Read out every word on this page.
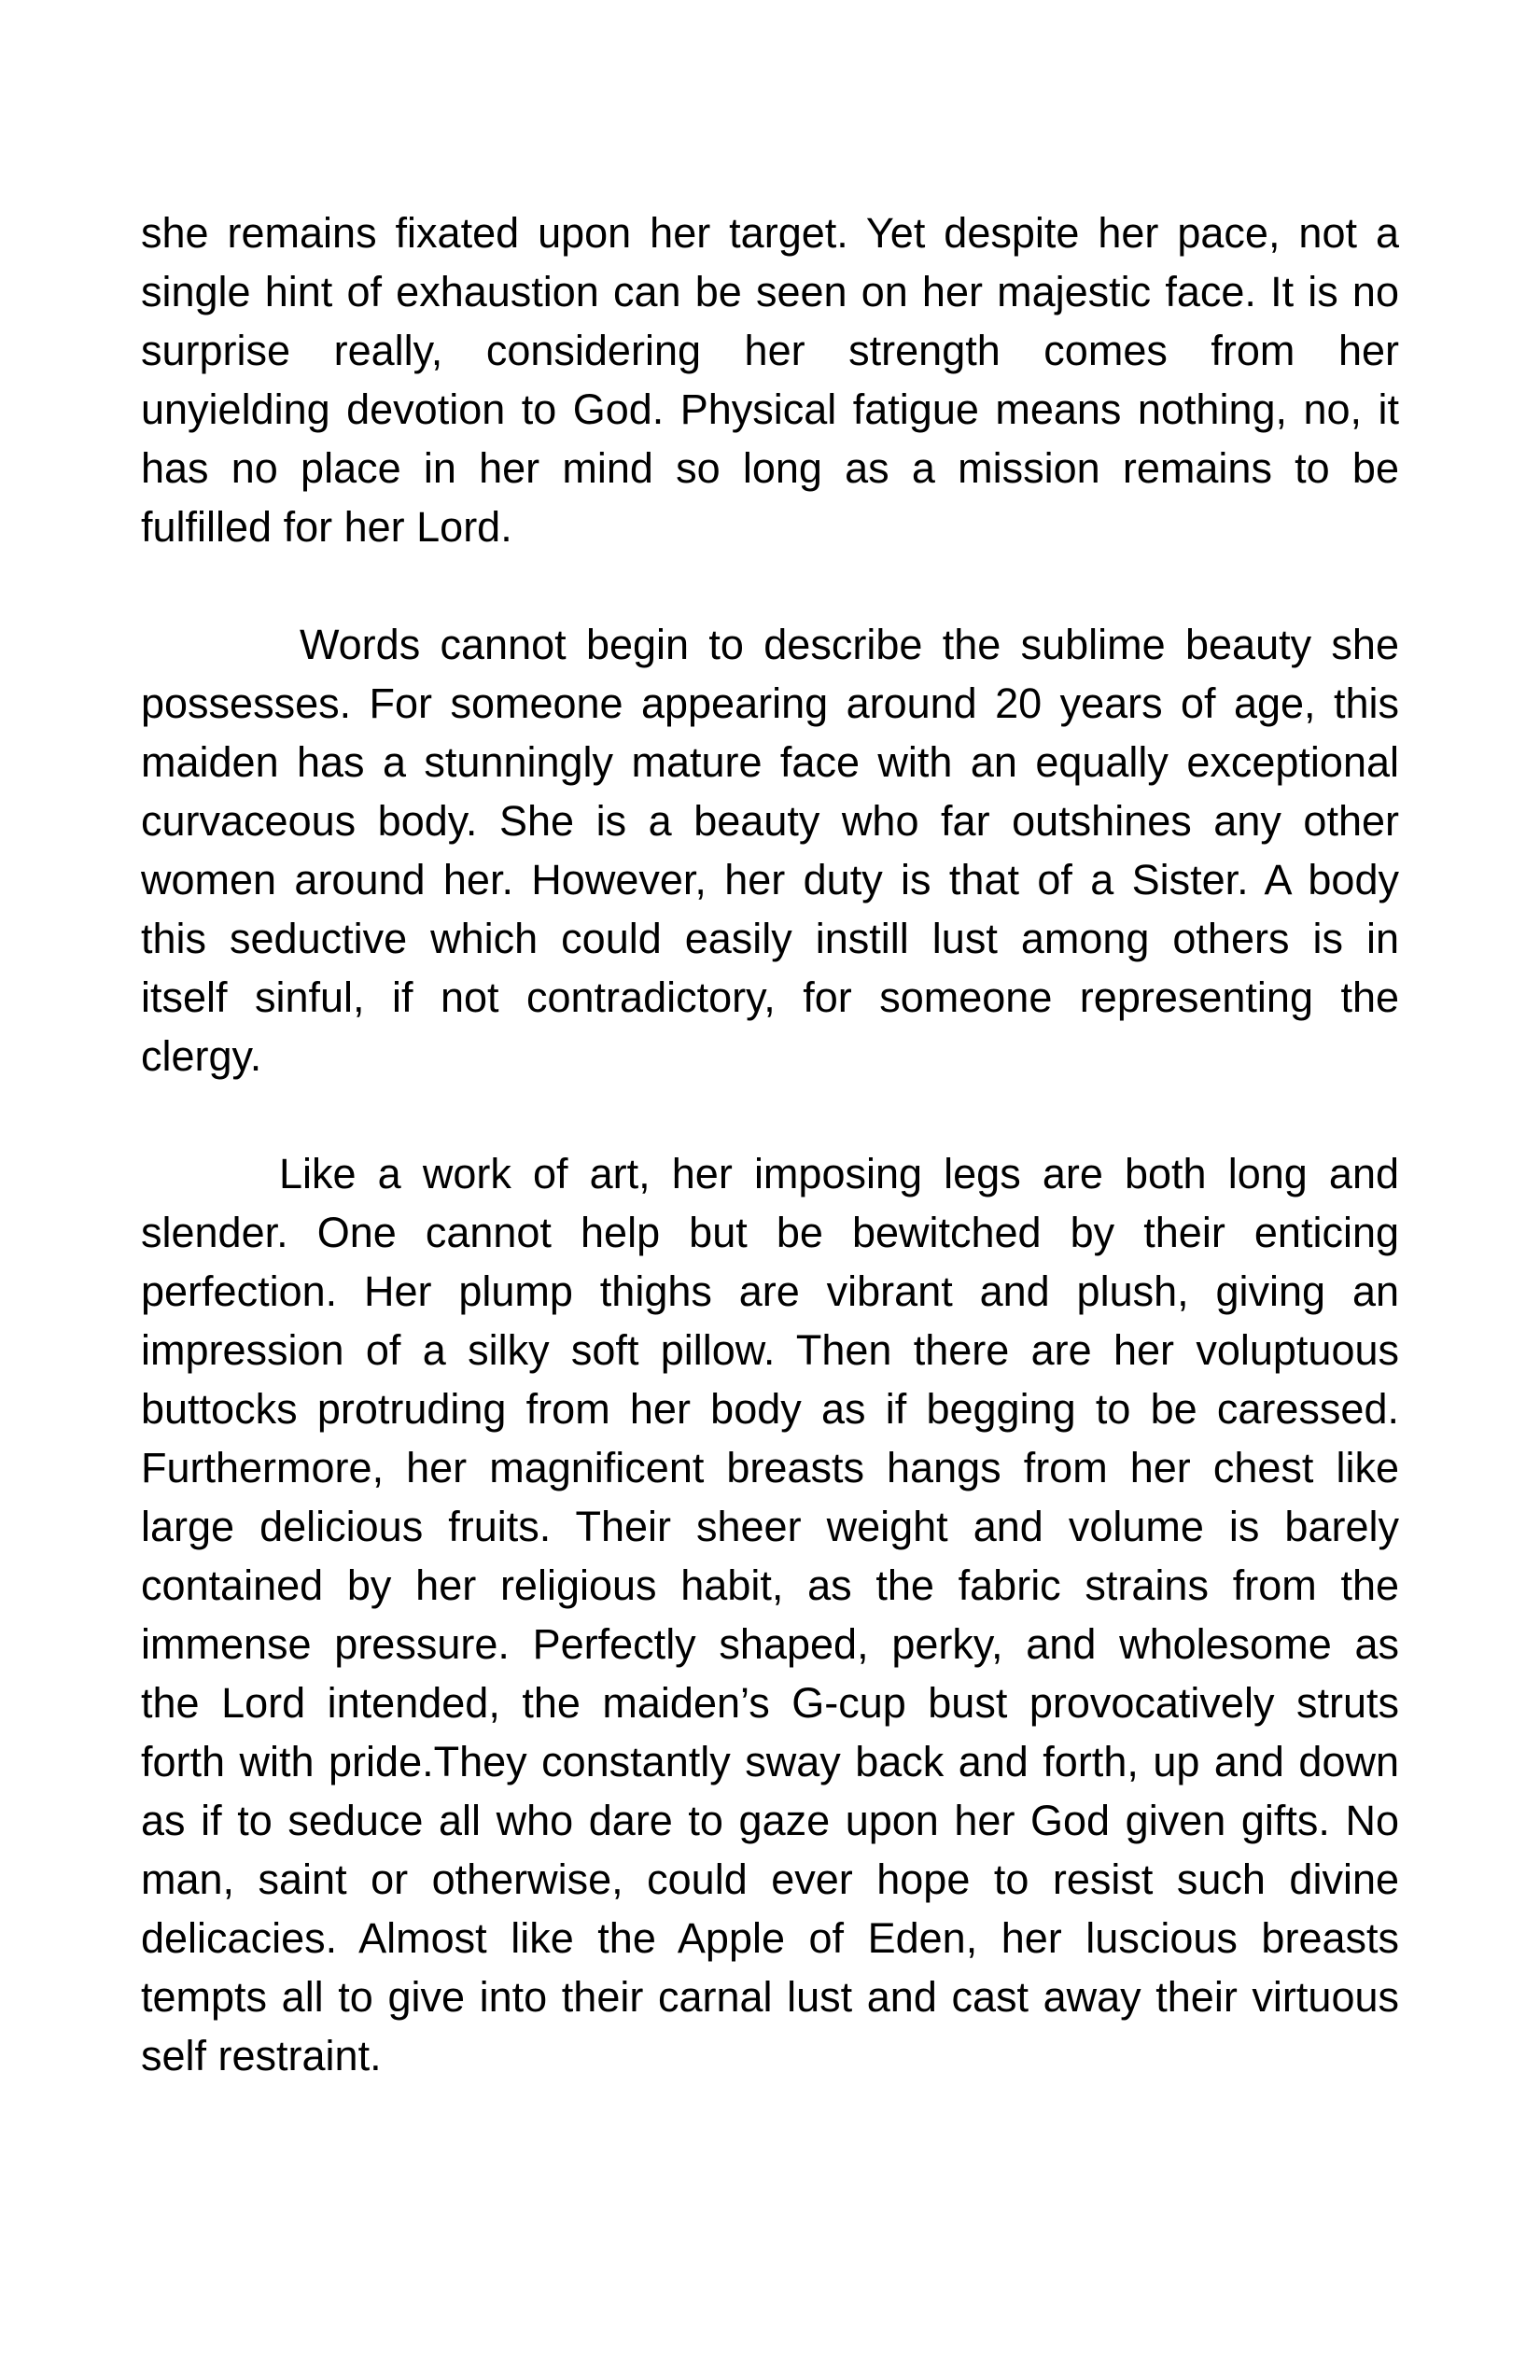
she remains fixated upon her target. Yet despite her pace, not a
single hint of exhaustion can be seen on her majestic face. It is no
surprise really, considering her strength comes from her
unyielding devotion to God. Physical fatigue means nothing, no, it
has no place in her mind so long as a mission remains to be
fulfilled for her Lord.
Words cannot begin to describe the sublime beauty she
possesses. For someone appearing around 20 years of age, this
maiden has a stunningly mature face with an equally exceptional
curvaceous body. She is a beauty who far outshines any other
women around her. However, her duty is that of a Sister. A body
this seductive which could easily instill lust among others is in
itself sinful, if not contradictory, for someone representing the
clergy.
Like a work of art, her imposing legs are both long and
slender. One cannot help but be bewitched by their enticing
perfection. Her plump thighs are vibrant and plush, giving an
impression of a silky soft pillow. Then there are her voluptuous
buttocks protruding from her body as if begging to be caressed.
Furthermore, her magnificent breasts hangs from her chest like
large delicious fruits. Their sheer weight and volume is barely
contained by her religious habit, as the fabric strains from the
immense pressure. Perfectly shaped, perky, and wholesome as
the Lord intended, the maiden’s G-cup bust provocatively struts
forth with pride.They constantly sway back and forth, up and down
as if to seduce all who dare to gaze upon her God given gifts. No
man, saint or otherwise, could ever hope to resist such divine
delicacies. Almost like the Apple of Eden, her luscious breasts
tempts all to give into their carnal lust and cast away their virtuous
self restraint.
